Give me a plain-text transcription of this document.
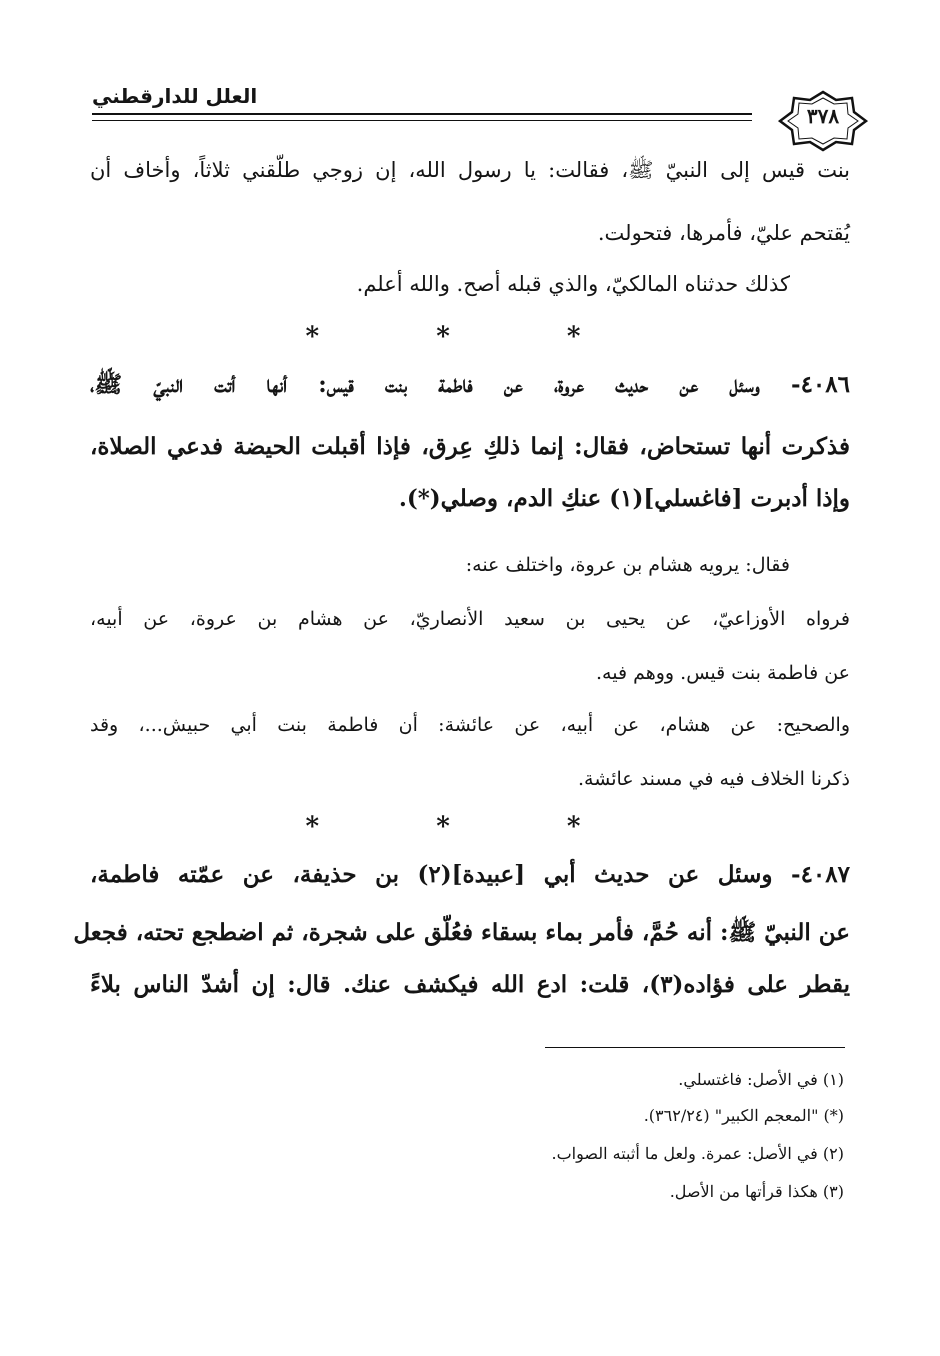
العلل للدارقطني
٣٧٨
بنت قيس إلى النبيّ ﷺ، فقالت: يا رسول الله، إن زوجي طلّقني ثلاثاً، وأخاف أن
يُقتحم عليّ، فأمرها، فتحولت.
كذلك حدثناه المالكيّ، والذي قبله أصح. والله أعلم.
* * *
٤٠٨٦- وسئل عن حديث عروة، عن فاطمة بنت قيس: أنها أتت النبيّ ﷺ،
فذكرت أنها تستحاض، فقال: إنما ذلكِ عِرق، فإذا أقبلت الحيضة فدعي الصلاة،
وإذا أدبرت [فاغسلي](١) عنكِ الدم، وصلي(*).
فقال: يرويه هشام بن عروة، واختلف عنه:
فرواه الأوزاعيّ، عن يحيى بن سعيد الأنصاريّ، عن هشام بن عروة، عن أبيه،
عن فاطمة بنت قيس. ووهم فيه.
والصحيح: عن هشام، عن أبيه، عن عائشة: أن فاطمة بنت أبي حبيش...، وقد
ذكرنا الخلاف فيه في مسند عائشة.
* * *
٤٠٨٧- وسئل عن حديث أبي [عبيدة](٢) بن حذيفة، عن عمّته فاطمة،
عن النبيّ ﷺ: أنه حُمَّ، فأمر بماء بسقاء فعُلّق على شجرة، ثم اضطجع تحته، فجعل
يقطر على فؤاده(٣)، قلت: ادع الله فيكشف عنك. قال: إن أشدّ الناس بلاءً
(١) في الأصل: فاغتسلي.
(*) "المعجم الكبير" (٣٦٢/٢٤).
(٢) في الأصل: عمرة. ولعل ما أثبته الصواب.
(٣) هكذا قرأتها من الأصل.
